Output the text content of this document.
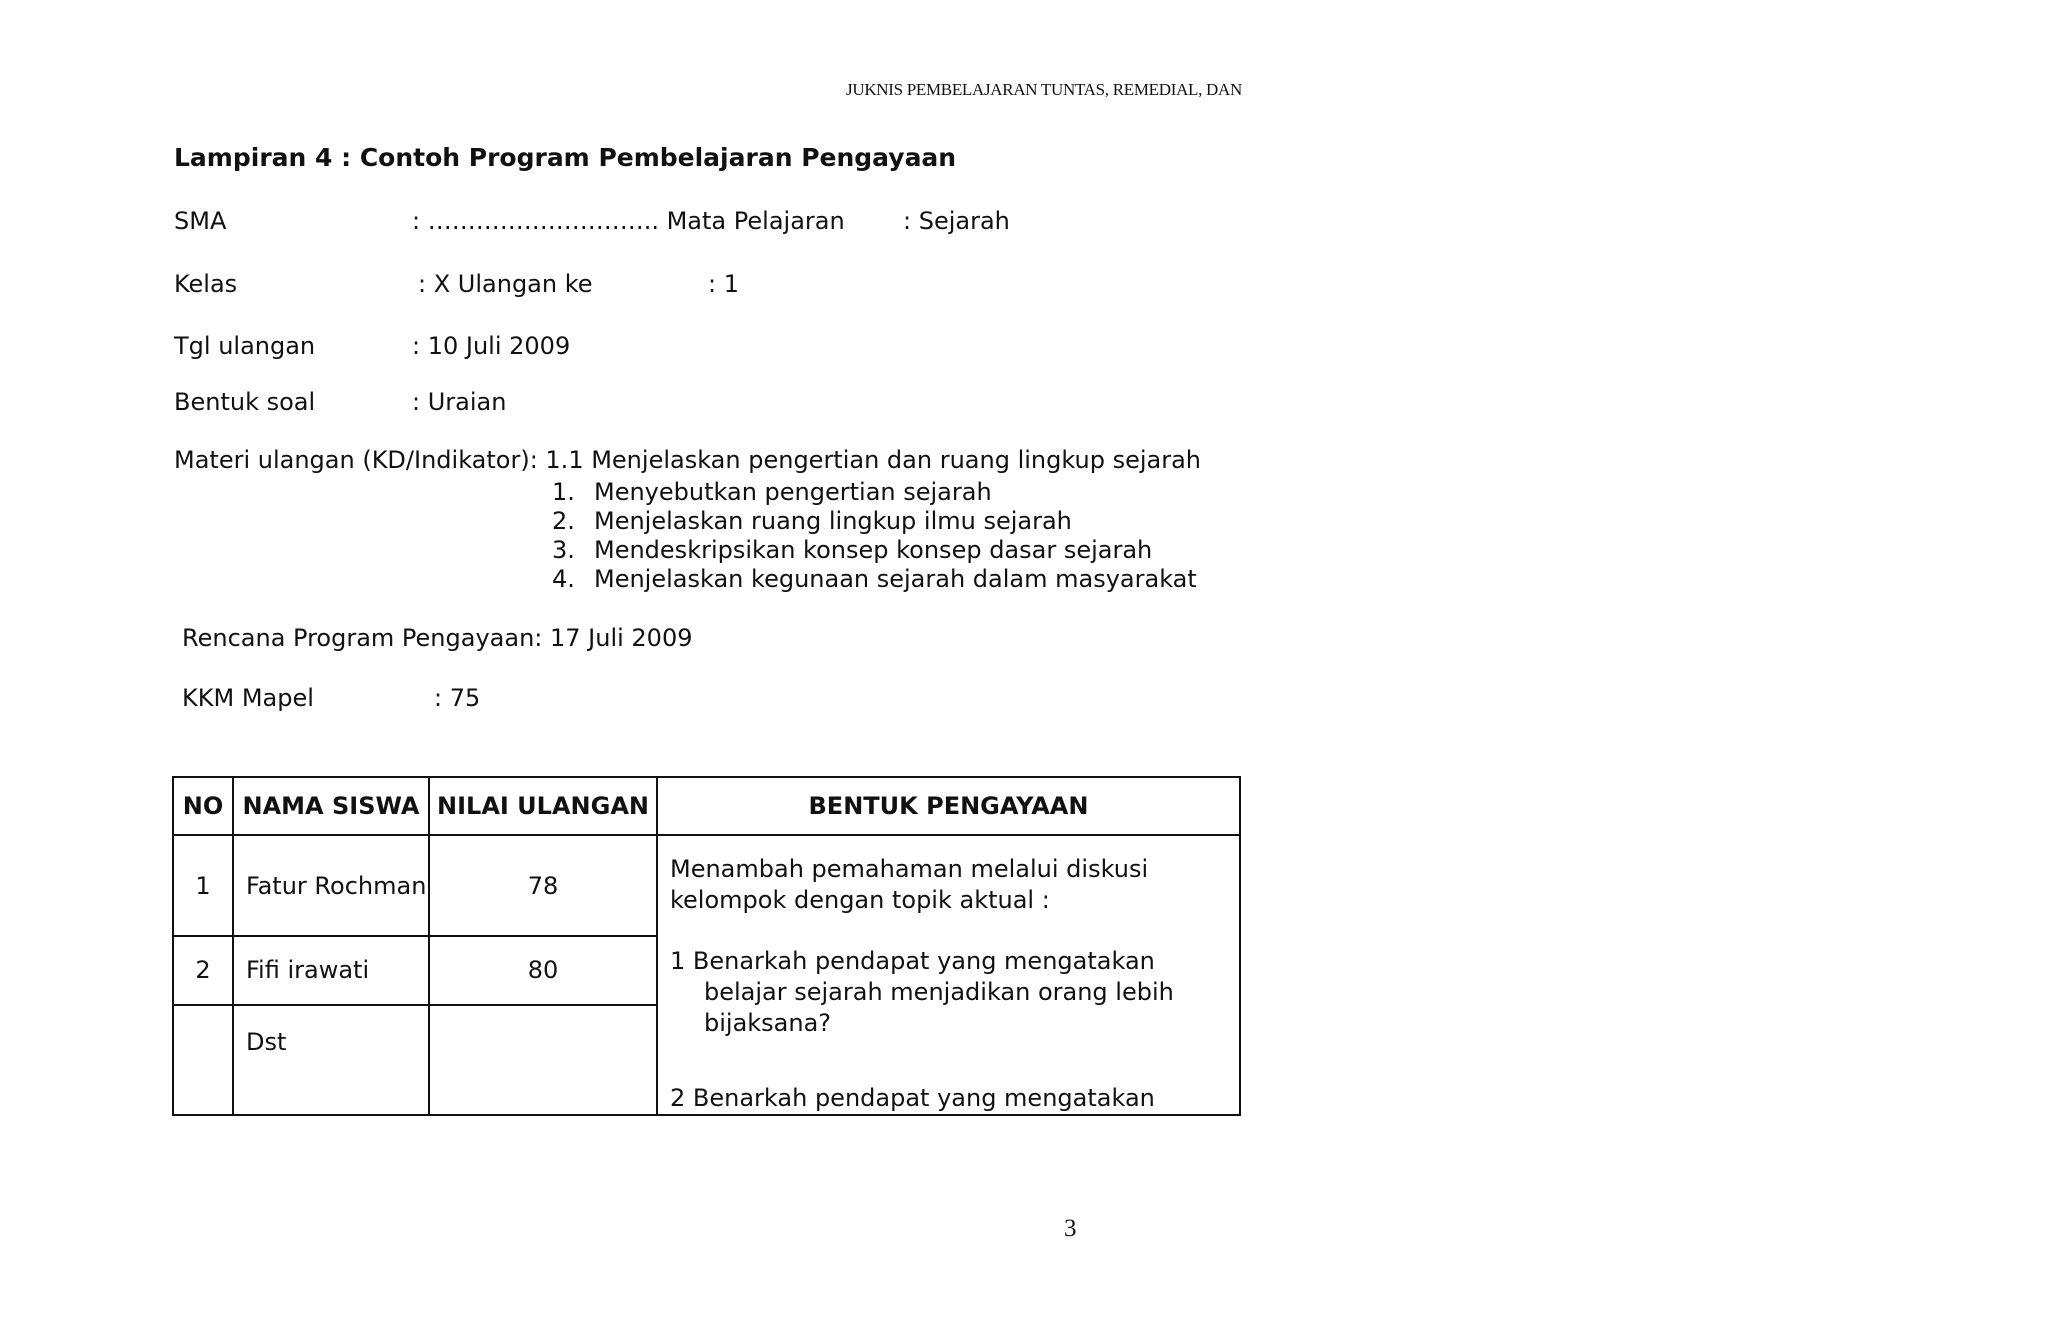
JUKNIS PEMBELAJARAN TUNTAS, REMEDIAL, DAN
Lampiran 4 : Contoh Program Pembelajaran Pengayaan
SMA	: ……………………….. Mata Pelajaran : Sejarah
Kelas	: X Ulangan ke	: 1
Tgl ulangan	: 10 Juli 2009
Bentuk soal	: Uraian
Materi ulangan (KD/Indikator): 1.1 Menjelaskan pengertian dan ruang lingkup sejarah
1. Menyebutkan pengertian sejarah
2. Menjelaskan ruang lingkup ilmu sejarah
3. Mendeskripsikan konsep konsep dasar sejarah
4. Menjelaskan kegunaan sejarah dalam masyarakat
Rencana Program Pengayaan: 17 Juli 2009
KKM Mapel	: 75
NO	NAMA SISWA	NILAI ULANGAN	BENTUK PENGAYAAN
1	Fatur Rochman	78	Menambah pemahaman melalui diskusi kelompok dengan topik aktual :

1 Benarkah pendapat yang mengatakan belajar sejarah menjadikan orang lebih bijaksana?

2 Benarkah pendapat yang mengatakan

2	Fifi irawati	80	
	Dst		
3
